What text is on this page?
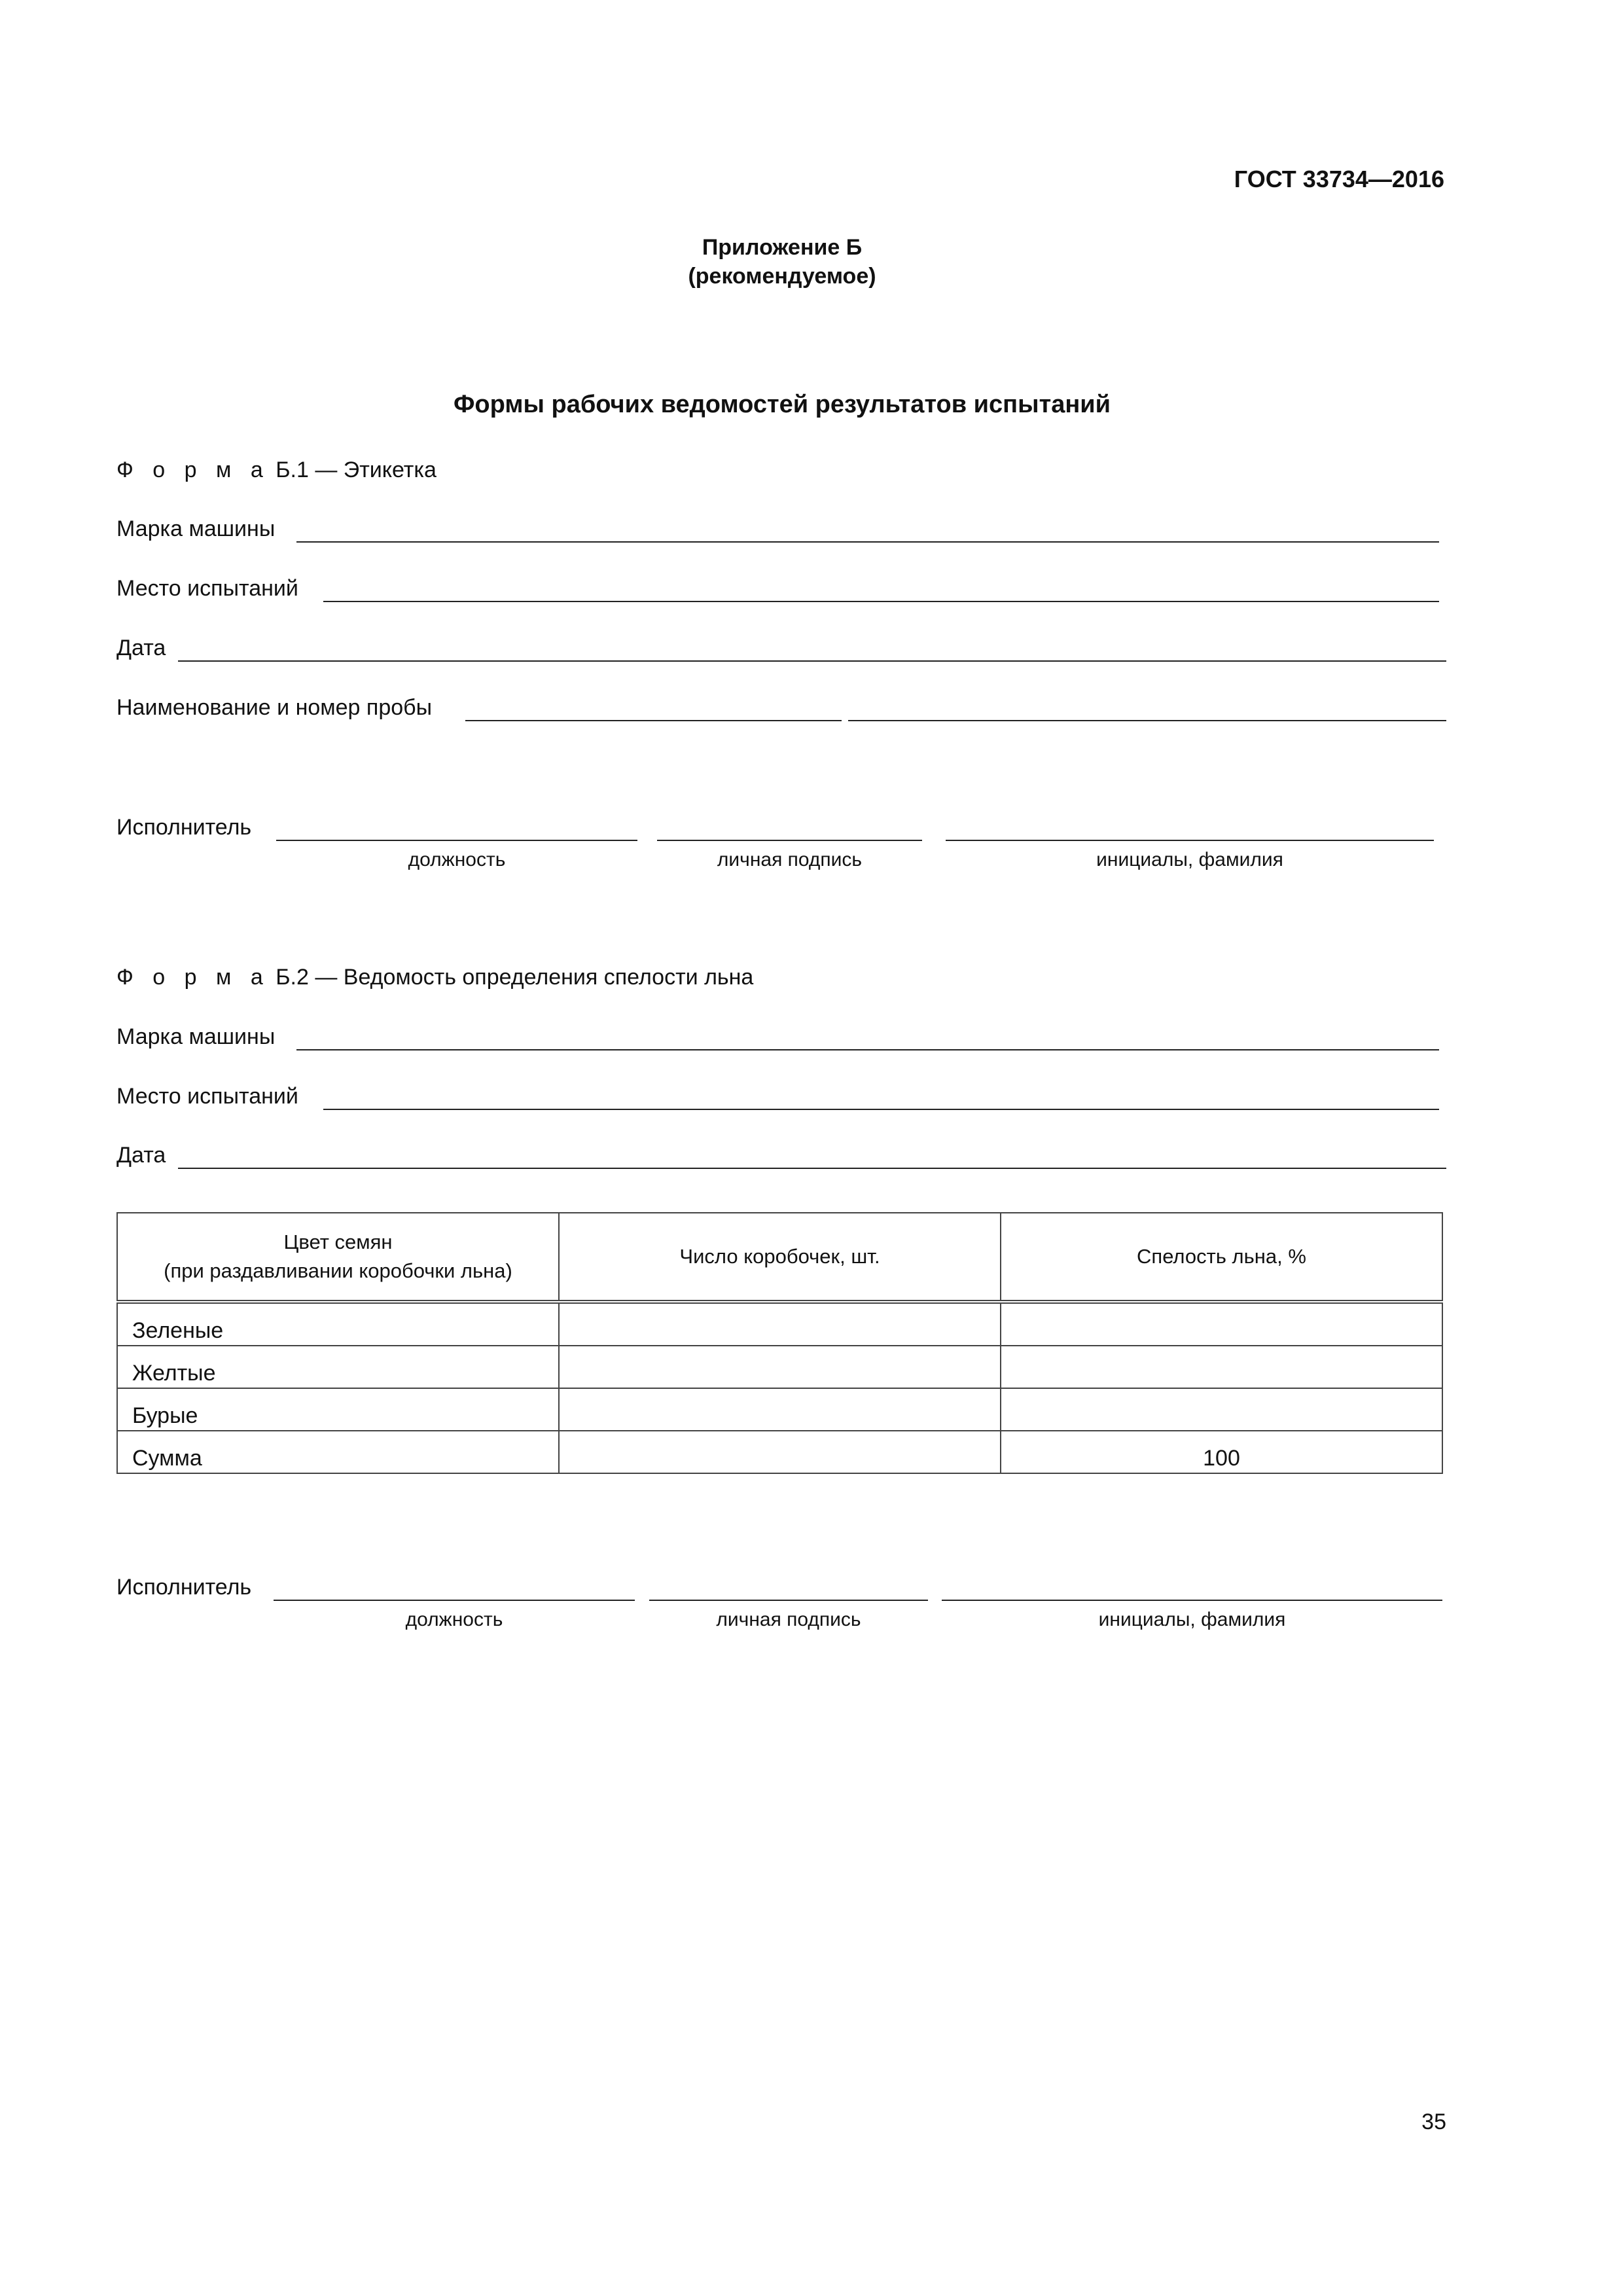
ГОСТ 33734—2016
Приложение Б
(рекомендуемое)
Формы рабочих ведомостей результатов испытаний
Ф о р м а Б.1 — Этикетка
Марка машины
Место испытаний
Дата
Наименование и номер пробы
Исполнитель
должность	личная подпись	инициалы, фамилия
Ф о р м а Б.2 — Ведомость определения спелости льна
Марка машины
Место испытаний
Дата
Цвет семян
(при раздавливании коробочки льна)	Число коробочек, шт.	Спелость льна, %
Зеленые		
Желтые		
Бурые		
Сумма		100
Исполнитель
должность	личная подпись	инициалы, фамилия
35
